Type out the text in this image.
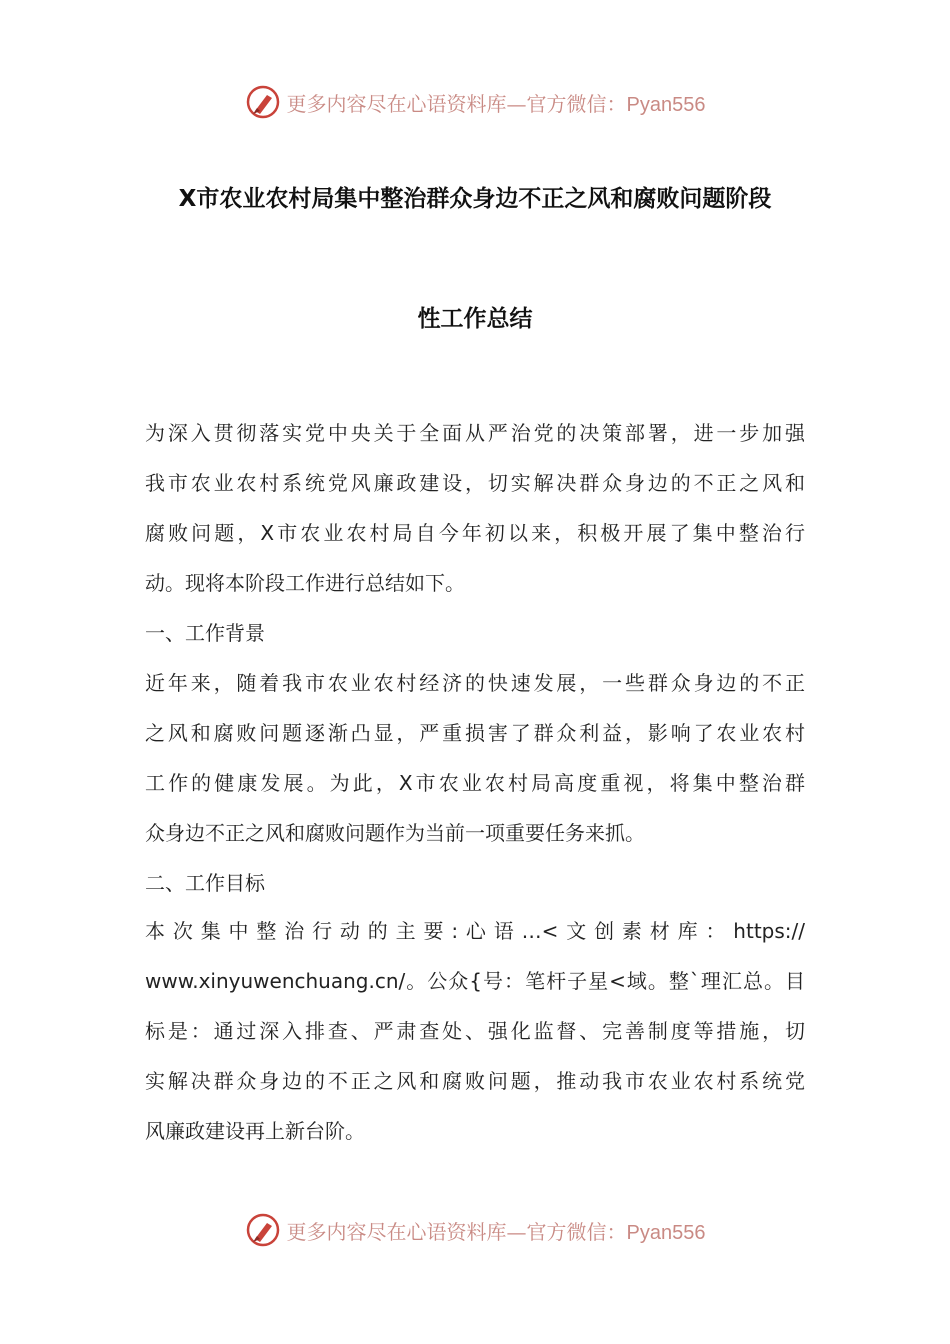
更多内容尽在心语资料库—官方微信：Pyan556
X市农业农村局集中整治群众身边不正之风和腐败问题阶段
性工作总结
为深入贯彻落实党中央关于全面从严治党的决策部署，进一步加强
我市农业农村系统党风廉政建设，切实解决群众身边的不正之风和
腐败问题，X市农业农村局自今年初以来，积极开展了集中整治行
动。现将本阶段工作进行总结如下。
一、工作背景
近年来，随着我市农业农村经济的快速发展，一些群众身边的不正
之风和腐败问题逐渐凸显，严重损害了群众利益，影响了农业农村
工作的健康发展。为此，X市农业农村局高度重视，将集中整治群
众身边不正之风和腐败问题作为当前一项重要任务来抓。
二、工作目标
本次集中整治行动的主要:心语…<文创素材库：https://
www.xinyuwenchuang.cn/。公众{号：笔杆子星<域。整`理汇总。目
标是：通过深入排查、严肃查处、强化监督、完善制度等措施，切
实解决群众身边的不正之风和腐败问题，推动我市农业农村系统党
风廉政建设再上新台阶。
更多内容尽在心语资料库—官方微信：Pyan556
